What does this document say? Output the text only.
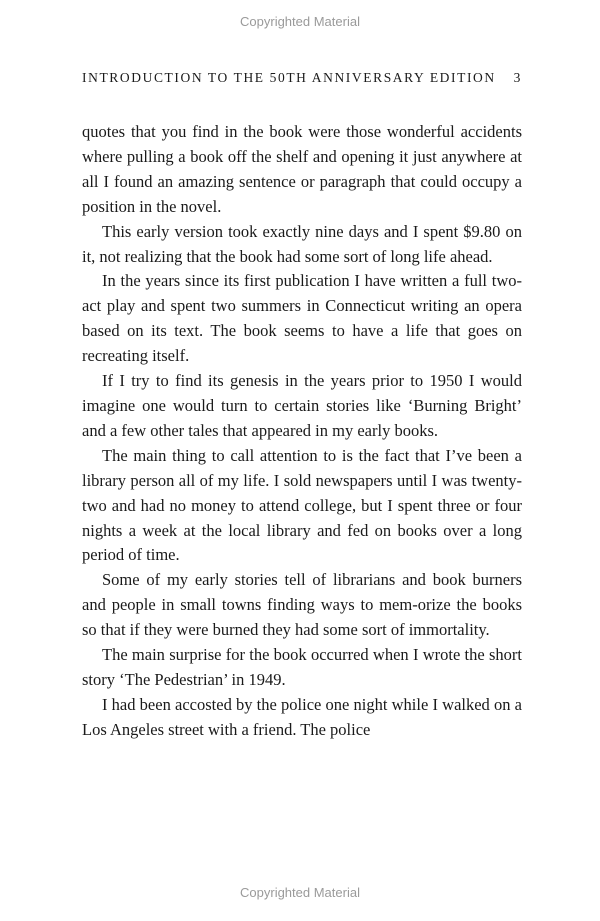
Copyrighted Material
INTRODUCTION TO THE 50TH ANNIVERSARY EDITION 3

quotes that you find in the book were those wonderful accidents where pulling a book off the shelf and opening it just anywhere at all I found an amazing sentence or paragraph that could occupy a position in the novel.

This early version took exactly nine days and I spent $9.80 on it, not realizing that the book had some sort of long life ahead.

In the years since its first publication I have written a full two-act play and spent two summers in Connecticut writing an opera based on its text. The book seems to have a life that goes on recreating itself.

If I try to find its genesis in the years prior to 1950 I would imagine one would turn to certain stories like ‘Burning Bright’ and a few other tales that appeared in my early books.

The main thing to call attention to is the fact that I’ve been a library person all of my life. I sold newspapers until I was twenty-two and had no money to attend college, but I spent three or four nights a week at the local library and fed on books over a long period of time.

Some of my early stories tell of librarians and book burners and people in small towns finding ways to mem-orize the books so that if they were burned they had some sort of immortality.

The main surprise for the book occurred when I wrote the short story ‘The Pedestrian’ in 1949.

I had been accosted by the police one night while I walked on a Los Angeles street with a friend. The police

Copyrighted Material
